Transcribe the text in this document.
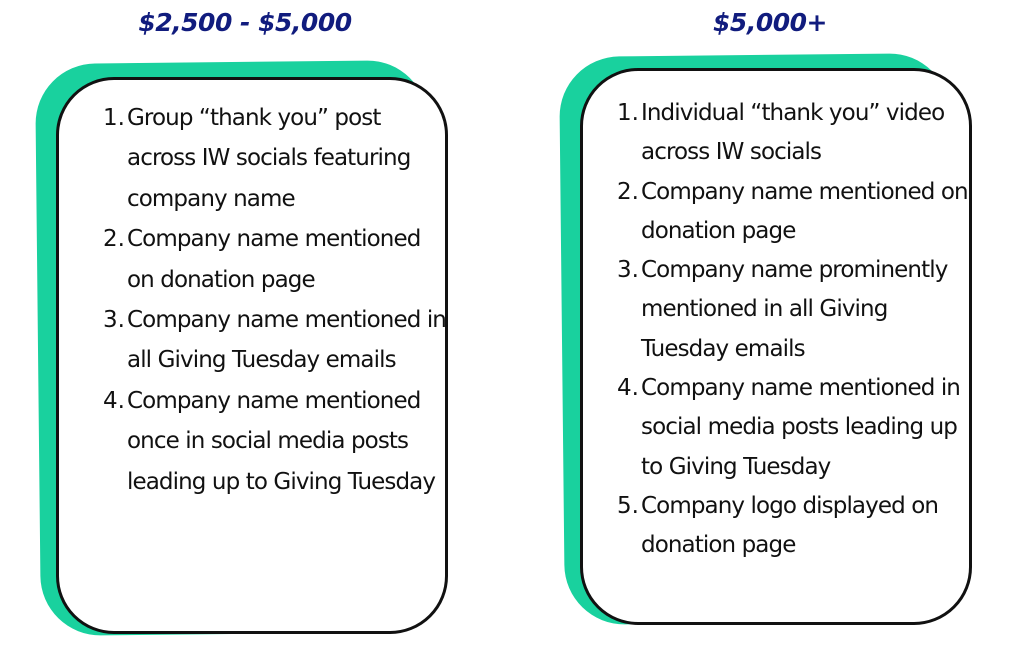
$2,500 - $5,000
1. Group “thank you” post across IW socials featuring company name
2. Company name mentioned on donation page
3. Company name mentioned in all Giving Tuesday emails
4. Company name mentioned once in social media posts leading up to Giving Tuesday
$5,000+
1. Individual “thank you” video across IW socials
2. Company name mentioned on donation page
3. Company name prominently mentioned in all Giving Tuesday emails
4. Company name mentioned in social media posts leading up to Giving Tuesday
5. Company logo displayed on donation page
